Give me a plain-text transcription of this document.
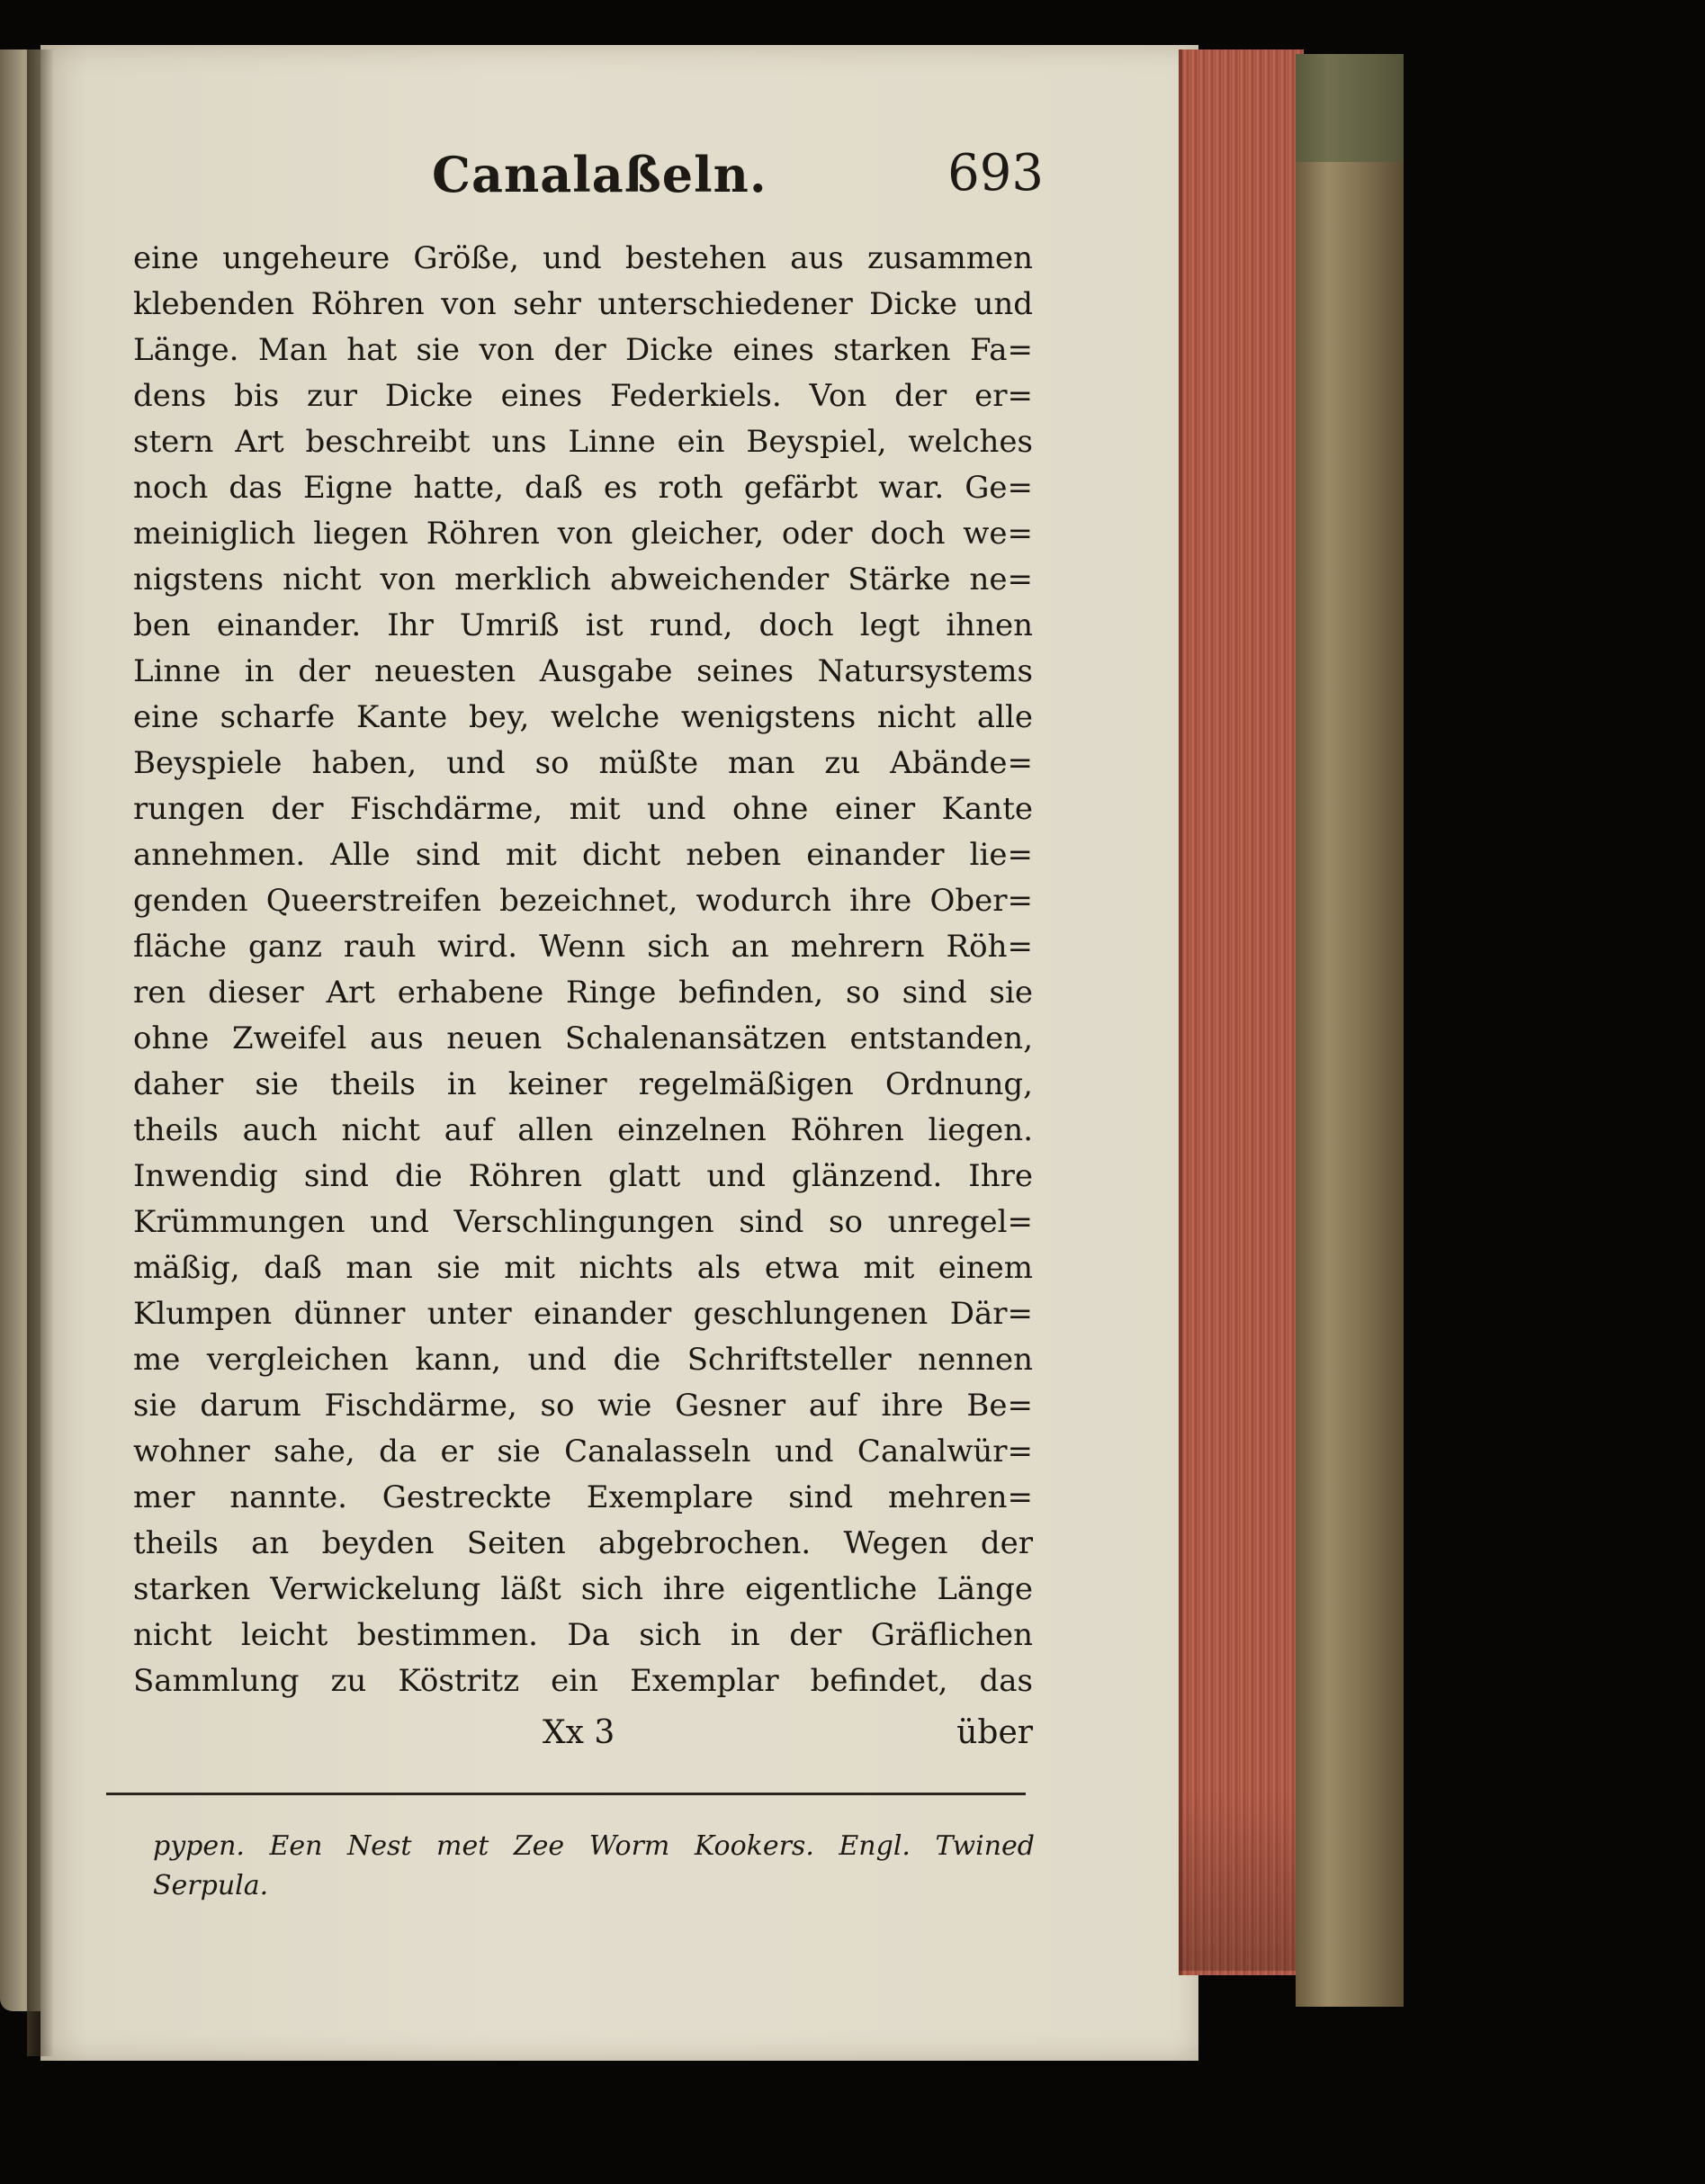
Canalaßeln.	693
eine ungeheure Größe, und bestehen aus zusammen
klebenden Röhren von sehr unterschiedener Dicke und
Länge. Man hat sie von der Dicke eines starken Fa=
dens bis zur Dicke eines Federkiels. Von der er=
stern Art beschreibt uns Linne ein Beyspiel, welches
noch das Eigne hatte, daß es roth gefärbt war. Ge=
meiniglich liegen Röhren von gleicher, oder doch we=
nigstens nicht von merklich abweichender Stärke ne=
ben einander. Ihr Umriß ist rund, doch legt ihnen
Linne in der neuesten Ausgabe seines Natursystems
eine scharfe Kante bey, welche wenigstens nicht alle
Beyspiele haben, und so müßte man zu Abände=
rungen der Fischdärme, mit und ohne einer Kante
annehmen. Alle sind mit dicht neben einander lie=
genden Queerstreifen bezeichnet, wodurch ihre Ober=
fläche ganz rauh wird. Wenn sich an mehrern Röh=
ren dieser Art erhabene Ringe befinden, so sind sie
ohne Zweifel aus neuen Schalenansätzen entstanden,
daher sie theils in keiner regelmäßigen Ordnung,
theils auch nicht auf allen einzelnen Röhren liegen.
Inwendig sind die Röhren glatt und glänzend. Ihre
Krümmungen und Verschlingungen sind so unregel=
mäßig, daß man sie mit nichts als etwa mit einem
Klumpen dünner unter einander geschlungenen Där=
me vergleichen kann, und die Schriftsteller nennen
sie darum Fischdärme, so wie Gesner auf ihre Be=
wohner sahe, da er sie Canalasseln und Canalwür=
mer nannte. Gestreckte Exemplare sind mehren=
theils an beyden Seiten abgebrochen. Wegen der
starken Verwickelung läßt sich ihre eigentliche Länge
nicht leicht bestimmen. Da sich in der Gräflichen
Sammlung zu Köstritz ein Exemplar befindet, das
Xx 3	über
pypen. Een Nest met Zee Worm Kookers. Engl. Twined
Serpula.
